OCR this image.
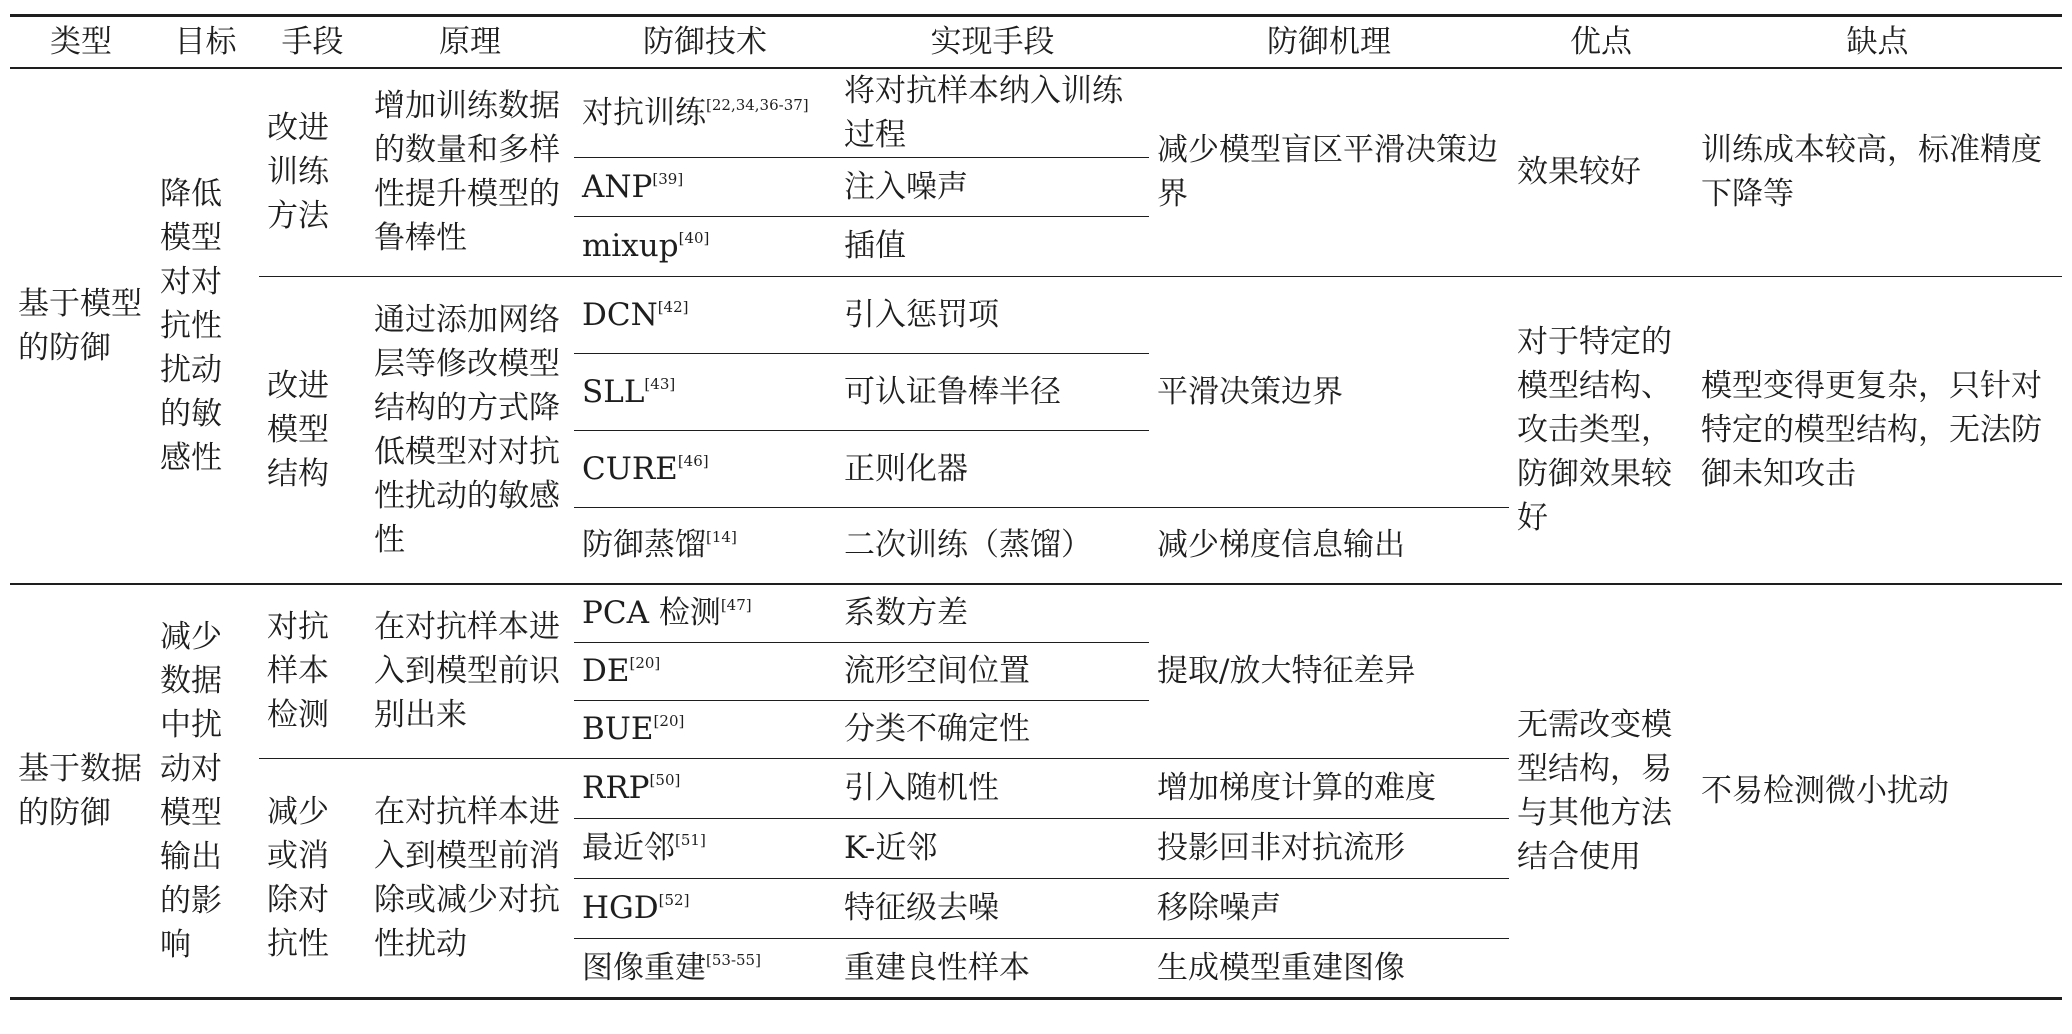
类型	目标	手段	原理	防御技术	实现手段	防御机理	优点	缺点
基于模型的防御	降低模型对对抗性扰动的敏感性	改进训练方法	增加训练数据的数量和多样性提升模型的鲁棒性	对抗训练[22,34,36-37]	将对抗样本纳入训练过程	减少模型盲区平滑决策边界	效果较好	训练成本较高，标准精度下降等
				ANP[39]	注入噪声			
				mixup[40]	插值			
		改进模型结构	通过添加网络层等修改模型结构的方式降低模型对对抗性扰动的敏感性	DCN[42]	引入惩罚项	平滑决策边界	对于特定的模型结构、攻击类型，防御效果较好	模型变得更复杂，只针对特定的模型结构，无法防御未知攻击
				SLL[43]	可认证鲁棒半径			
				CURE[46]	正则化器			
				防御蒸馏[14]	二次训练（蒸馏）	减少梯度信息输出		
基于数据的防御	减少数据中扰动对模型输出的影响	对抗样本检测	在对抗样本进入到模型前识别出来	PCA 检测[47]	系数方差	提取/放大特征差异	无需改变模型结构，易与其他方法结合使用	不易检测微小扰动
				DE[20]	流形空间位置			
				BUE[20]	分类不确定性			
		减少或消除对抗性	在对抗样本进入到模型前消除或减少对抗性扰动	RRP[50]	引入随机性	增加梯度计算的难度		
				最近邻[51]	K-近邻	投影回非对抗流形		
				HGD[52]	特征级去噪	移除噪声		
				图像重建[53-55]	重建良性样本	生成模型重建图像		
